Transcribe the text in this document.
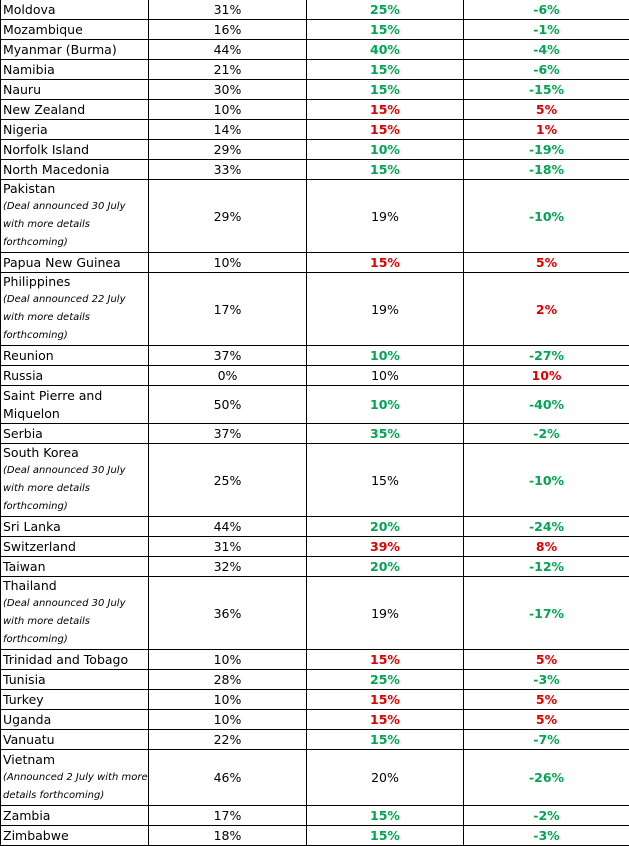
Moldova	31%	25%	-6%

Mozambique	16%	15%	-1%

Myanmar (Burma)	44%	40%	-4%

Namibia	21%	15%	-6%

Nauru	30%	15%	-15%

New Zealand	10%	15%	5%

Nigeria	14%	15%	1%

Norfolk Island	29%	10%	-19%

North Macedonia	33%	15%	-18%

Pakistan
(Deal announced 30 July with more details forthcoming)	29%	19%	-10%

Papua New Guinea	10%	15%	5%

Philippines
(Deal announced 22 July with more details forthcoming)	17%	19%	2%

Reunion	37%	10%	-27%

Russia	0%	10%	10%

Saint Pierre and Miquelon	50%	10%	-40%

Serbia	37%	35%	-2%

South Korea
(Deal announced 30 July with more details forthcoming)	25%	15%	-10%

Sri Lanka	44%	20%	-24%

Switzerland	31%	39%	8%

Taiwan	32%	20%	-12%

Thailand
(Deal announced 30 July with more details forthcoming)	36%	19%	-17%

Trinidad and Tobago	10%	15%	5%

Tunisia	28%	25%	-3%

Turkey	10%	15%	5%

Uganda	10%	15%	5%

Vanuatu	22%	15%	-7%

Vietnam
(Announced 2 July with more details forthcoming)	46%	20%	-26%

Zambia	17%	15%	-2%

Zimbabwe	18%	15%	-3%
